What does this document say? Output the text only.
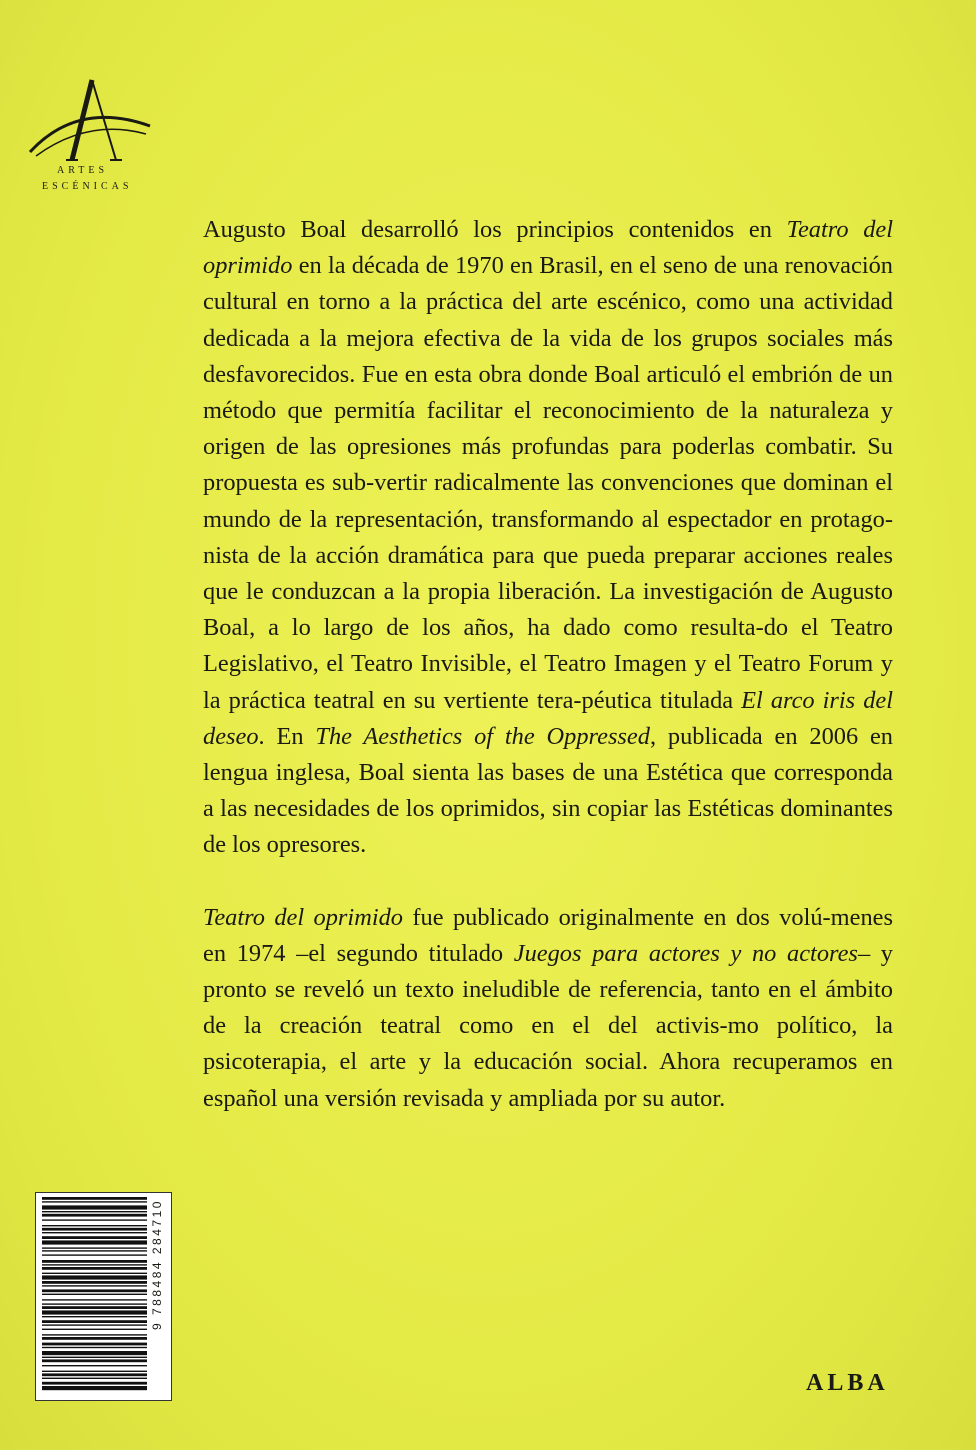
ARTES
ESCÉNICAS

Augusto Boal desarrolló los principios contenidos en Teatro del oprimido en la década de 1970 en Brasil, en el seno de una renovación cultural en torno a la práctica del arte escénico, como una actividad dedicada a la mejora efectiva de la vida de los grupos sociales más desfavorecidos. Fue en esta obra donde Boal articuló el embrión de un método que permitía facilitar el reconocimiento de la naturaleza y origen de las opresiones más profundas para poderlas combatir. Su propuesta es sub-vertir radicalmente las convenciones que dominan el mundo de la representación, transformando al espectador en protago-nista de la acción dramática para que pueda preparar acciones reales que le conduzcan a la propia liberación. La investigación de Augusto Boal, a lo largo de los años, ha dado como resulta-do el Teatro Legislativo, el Teatro Invisible, el Teatro Imagen y el Teatro Forum y la práctica teatral en su vertiente tera-péutica titulada El arco iris del deseo. En The Aesthetics of the Oppressed, publicada en 2006 en lengua inglesa, Boal sienta las bases de una Estética que corresponda a las necesidades de los oprimidos, sin copiar las Estéticas dominantes de los opresores.

Teatro del oprimido fue publicado originalmente en dos volú-menes en 1974 –el segundo titulado Juegos para actores y no actores– y pronto se reveló un texto ineludible de referencia, tanto en el ámbito de la creación teatral como en el del activis-mo político, la psicoterapia, el arte y la educación social. Ahora recuperamos en español una versión revisada y ampliada por su autor.

9 788484 284710
ALBA
